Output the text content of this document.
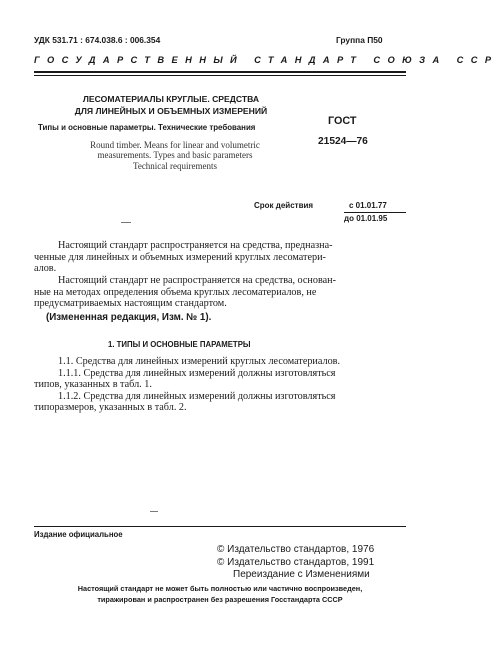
УДК 531.71 : 674.038.6 : 006.354	Группа П50
ГОСУДАРСТВЕННЫЙ СТАНДАРТ СОЮЗА ССР
ЛЕСОМАТЕРИАЛЫ КРУГЛЫЕ. СРЕДСТВА
ДЛЯ ЛИНЕЙНЫХ И ОБЪЕМНЫХ ИЗМЕРЕНИЙ
Типы и основные параметры. Технические требования
Round timber. Means for linear and volumetric
measurements. Types and basic parameters
Technical requirements
ГОСТ
21524—76
Срок действия	с 01.01.77
до 01.01.95
Настоящий стандарт распространяется на средства, предназна-
ченные для линейных и объемных измерений круглых лесоматери-
алов.
Настоящий стандарт не распространяется на средства, основан-
ные на методах определения объема круглых лесоматериалов, не
предусматриваемых настоящим стандартом.
(Измененная редакция, Изм. № 1).
1. ТИПЫ И ОСНОВНЫЕ ПАРАМЕТРЫ
1.1. Средства для линейных измерений круглых лесоматериалов.
1.1.1. Средства для линейных измерений должны изготовляться
типов, указанных в табл. 1.
1.1.2. Средства для линейных измерений должны изготовляться
типоразмеров, указанных в табл. 2.
Издание официальное
© Издательство стандартов, 1976
© Издательство стандартов, 1991
Переиздание с Изменениями
Настоящий стандарт не может быть полностью или частично воспроизведен,
тиражирован и распространен без разрешения Госстандарта СССР
